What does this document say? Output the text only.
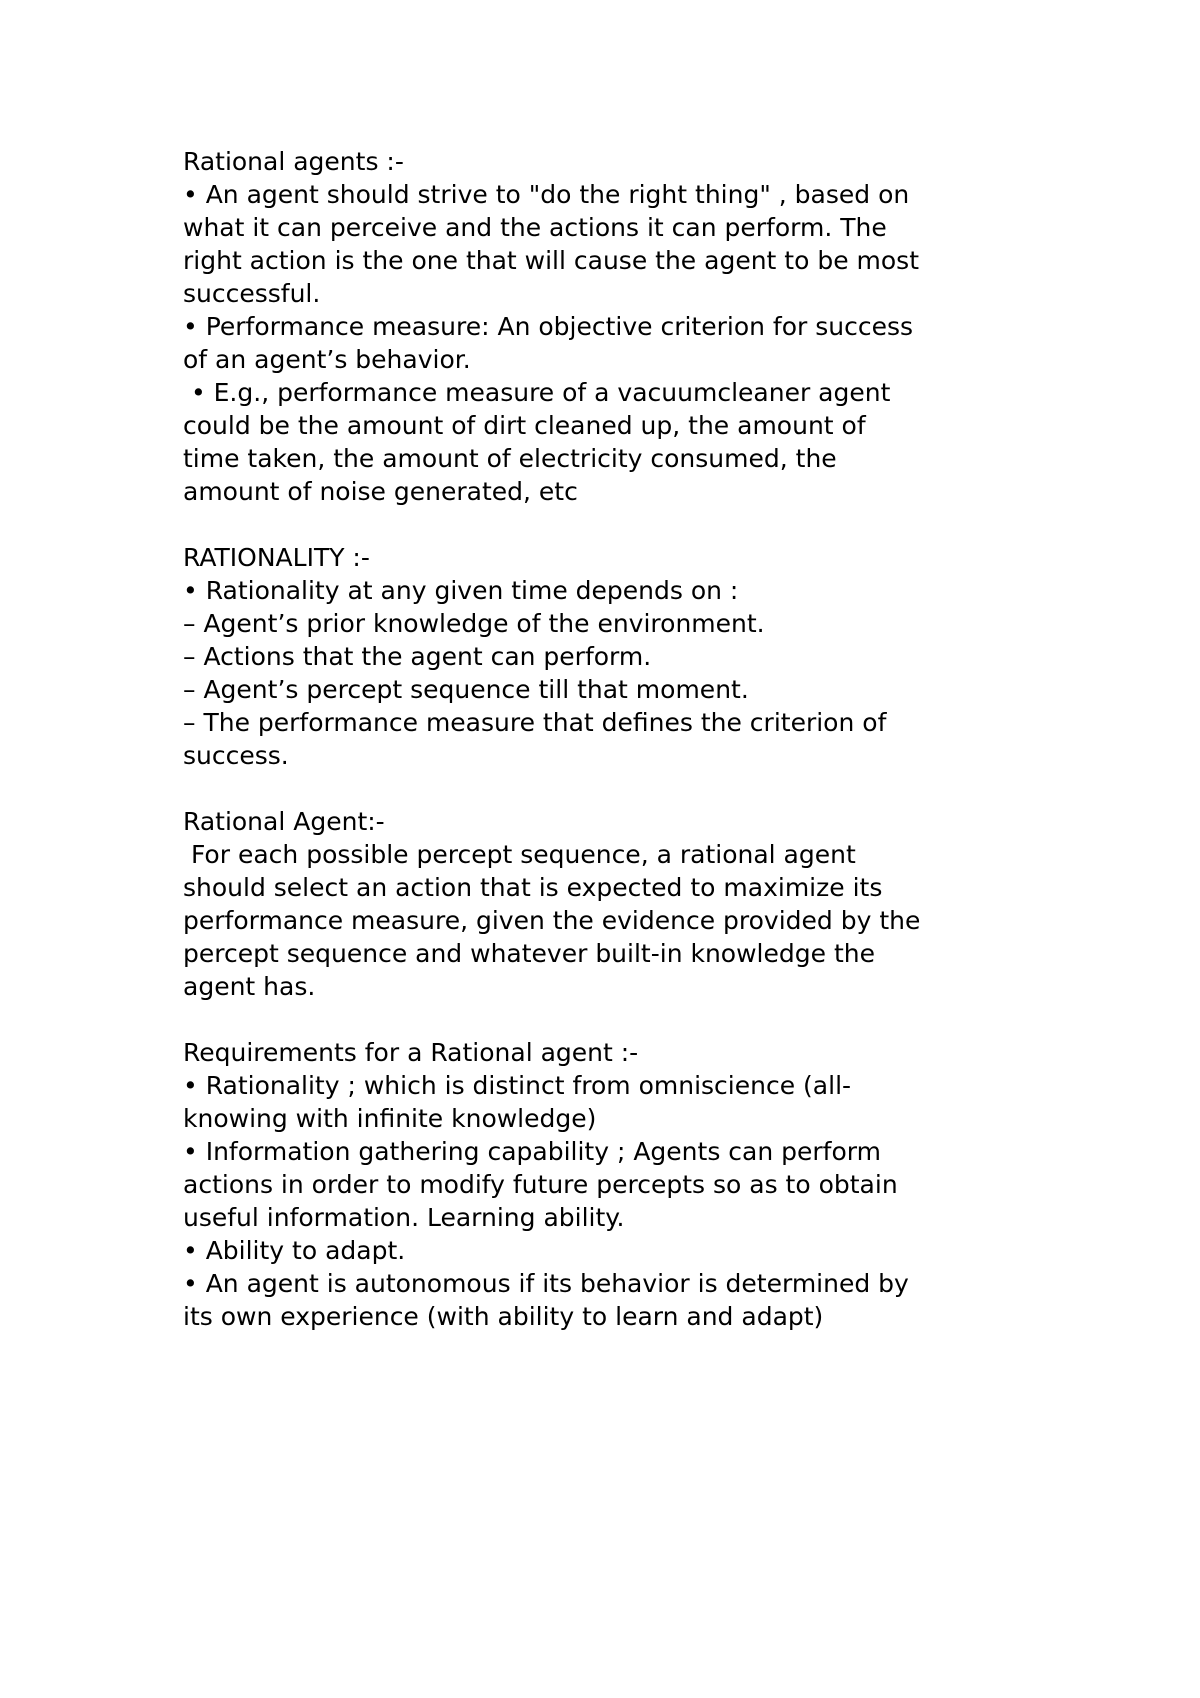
Rational agents :-
• An agent should strive to "do the right thing" , based on
what it can perceive and the actions it can perform. The
right action is the one that will cause the agent to be most
successful.
• Performance measure: An objective criterion for success
of an agent’s behavior.
• E.g., performance measure of a vacuumcleaner agent
could be the amount of dirt cleaned up, the amount of
time taken, the amount of electricity consumed, the
amount of noise generated, etc
RATIONALITY :-
• Rationality at any given time depends on :
– Agent’s prior knowledge of the environment.
– Actions that the agent can perform.
– Agent’s percept sequence till that moment.
– The performance measure that defines the criterion of
success.
Rational Agent:-
For each possible percept sequence, a rational agent
should select an action that is expected to maximize its
performance measure, given the evidence provided by the
percept sequence and whatever built-in knowledge the
agent has.
Requirements for a Rational agent :-
• Rationality ; which is distinct from omniscience (all-
knowing with infinite knowledge)
• Information gathering capability ; Agents can perform
actions in order to modify future percepts so as to obtain
useful information. Learning ability.
• Ability to adapt.
• An agent is autonomous if its behavior is determined by
its own experience (with ability to learn and adapt)
